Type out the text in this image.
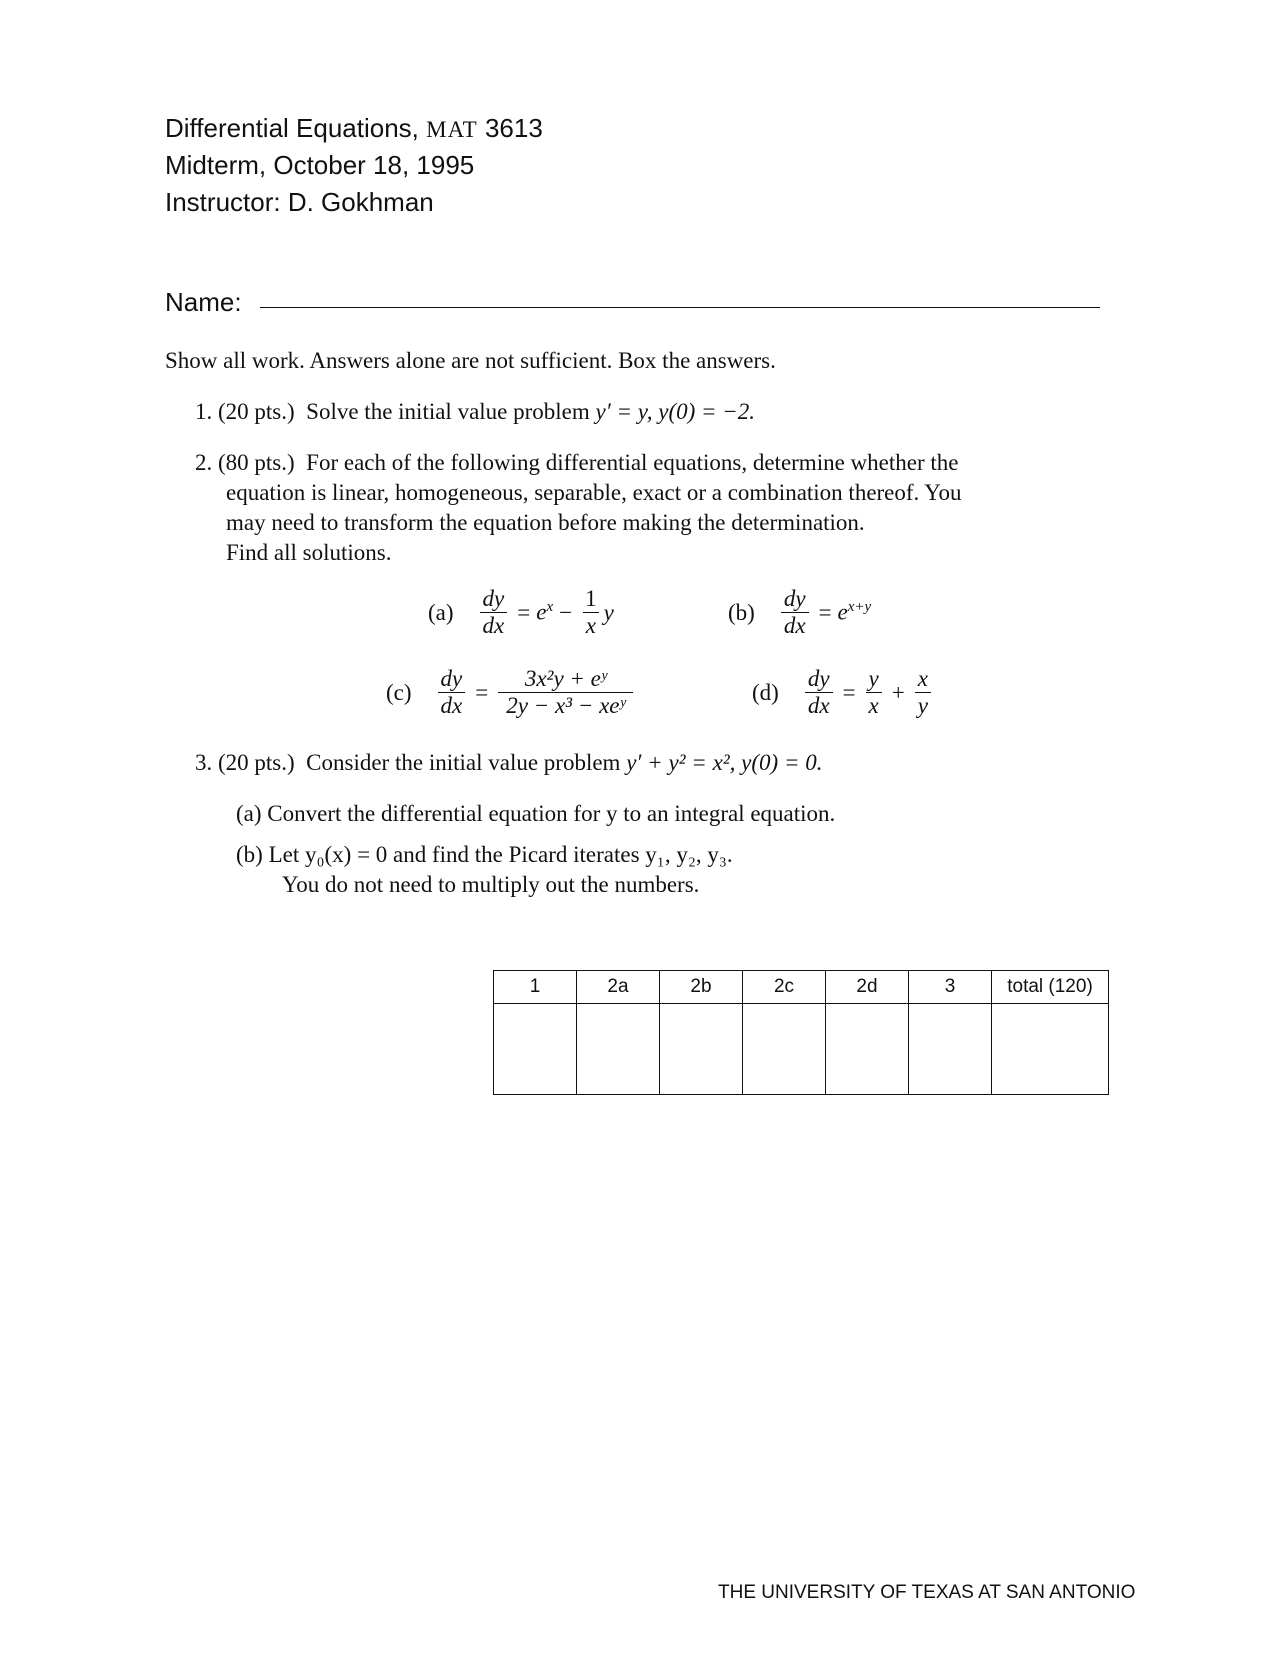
Differential Equations, MAT 3613
Midterm, October 18, 1995
Instructor: D. Gokhman
Name:
Show all work. Answers alone are not sufficient. Box the answers.
1. (20 pts.) Solve the initial value problem y′ = y, y(0) = −2.
2. (80 pts.) For each of the following differential equations, determine whether the
equation is linear, homogeneous, separable, exact or a combination thereof. You
may need to transform the equation before making the determination.
Find all solutions.
$(a) \frac{dy}{dx} = e^x - \frac{1}{x}$ y	$(b) \frac{dy}{dx} = e^{x+y}$
$(c) \frac{dy}{dx} = \frac{\text{3x²y + eʸ}}{\text{2y − x³ − xeʸ}}$	$(d) \frac{dy}{dx} = \frac{y}{x} + \frac{x}{y}$
3. (20 pts.) Consider the initial value problem y′ + y² = x², y(0) = 0.
(a) Convert the differential equation for y to an integral equation.
(b) Let y₀(x) = 0 and find the Picard iterates y₁, y₂, y₃.
You do not need to multiply out the numbers.
1	2a	2b	2c	2d	3	total (120)

THE UNIVERSITY OF TEXAS AT SAN ANTONIO
